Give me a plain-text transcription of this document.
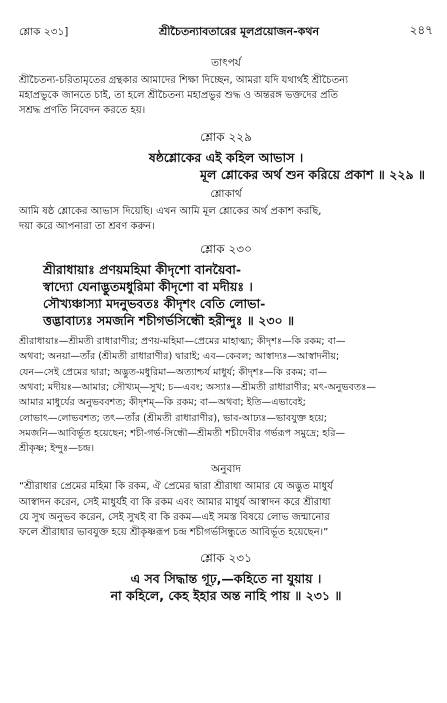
শ্লোক ২৩১]	শ্রীচৈতন্যাবতারের মূলপ্রয়োজন-কথন	২৪৭
তাৎপর্য

শ্রীচৈতন্য-চরিতামৃতের গ্রন্থকার আমাদের শিক্ষা দিচ্ছেন, আমরা যদি যথার্থই শ্রীচৈতন্য

মহাপ্রভুকে জানতে চাই, তা হলে শ্রীচৈতন্য মহাপ্রভুর শুদ্ধ ও অন্তরঙ্গ ভক্তদের প্রতি

সশ্রদ্ধ প্রণতি নিবেদন করতে হয়।

শ্লোক ২২৯
ষষ্ঠশ্লোকের এই কহিল আভাস ।
মূল শ্লোকের অর্থ শুন করিয়ে প্রকাশ ॥ ২২৯ ॥
শ্লোকার্থ

আমি ষষ্ঠ শ্লোকের আভাস দিয়েছি। এখন আমি মূল শ্লোকের অর্থ প্রকাশ করছি,

দয়া করে আপনারা তা শ্রবণ করুন।

শ্লোক ২৩০
শ্রীরাধায়াঃ প্রণয়মহিমা কীদৃশো বানয়ৈবা-
স্বাদ্যো যেনাদ্ভুতমধুরিমা কীদৃশো বা মদীয়ঃ ।
সৌখ্যঞ্চাস্যা মদনুভবতঃ কীদৃশং বেতি লোভা-
ত্তদ্ভাবাঢ্যঃ সমজনি শচীগর্ভসিন্ধৌ হরীন্দুঃ ॥ ২৩০ ॥
শ্রীরাধায়াঃ—শ্রীমতী রাধারাণীর; প্রণয়-মহিমা—প্রেমের মাহাত্ম্য; কীদৃশঃ—কি রকম; বা—
অথবা; অনয়া—তাঁর (শ্রীমতী রাধারাণীর) দ্বারাই; এব—কেবল; আস্বাদ্যঃ—আস্বাদনীয়;
যেন—সেই প্রেমের দ্বারা; অদ্ভুত-মধুরিমা—অত্যাশ্চর্য মাধুর্য; কীদৃশঃ—কি রকম; বা—
অথবা; মদীয়ঃ—আমার; সৌখ্যম্—সুখ; চ—এবং; অস্যাঃ—শ্রীমতী রাধারাণীর; মৎ-অনুভবতঃ—
আমার মাধুর্যের অনুভববশত; কীদৃশম্—কি রকম; বা—অথবা; ইতি—এভাবেই;
লোভাৎ—লোভবশত; তৎ—তাঁর (শ্রীমতী রাধারাণীর), ভাব-আঢ্যঃ—ভাবযুক্ত হয়ে;
সমজনি—আবির্ভূত হয়েছেন; শচী-গর্ভ-সিন্ধৌ—শ্রীমতী শচীদেবীর গর্ভরূপ সমুদ্রে; হরি—
শ্রীকৃষ্ণ; ইন্দুঃ—চন্দ্র।
অনুবাদ

“শ্রীরাধার প্রেমের মহিমা কি রকম, ঐ প্রেমের দ্বারা শ্রীরাধা আমার যে অদ্ভুত মাধুর্য

আস্বাদন করেন, সেই মাধুর্যই বা কি রকম এবং আমার মাধুর্য আস্বাদন করে শ্রীরাধা

যে সুখ অনুভব করেন, সেই সুখই বা কি রকম—এই সমস্ত বিষয়ে লোভ জন্মানোর

ফলে শ্রীরাধার ভাবযুক্ত হয়ে শ্রীকৃষ্ণরূপ চন্দ্র শচীগর্ভসিন্ধুতে আবির্ভূত হয়েছেন।”

শ্লোক ২৩১
এ সব সিদ্ধান্ত গূঢ়,—কহিতে না যুয়ায় ।
না কহিলে, কেহ ইহার অন্ত নাহি পায় ॥ ২৩১ ॥
